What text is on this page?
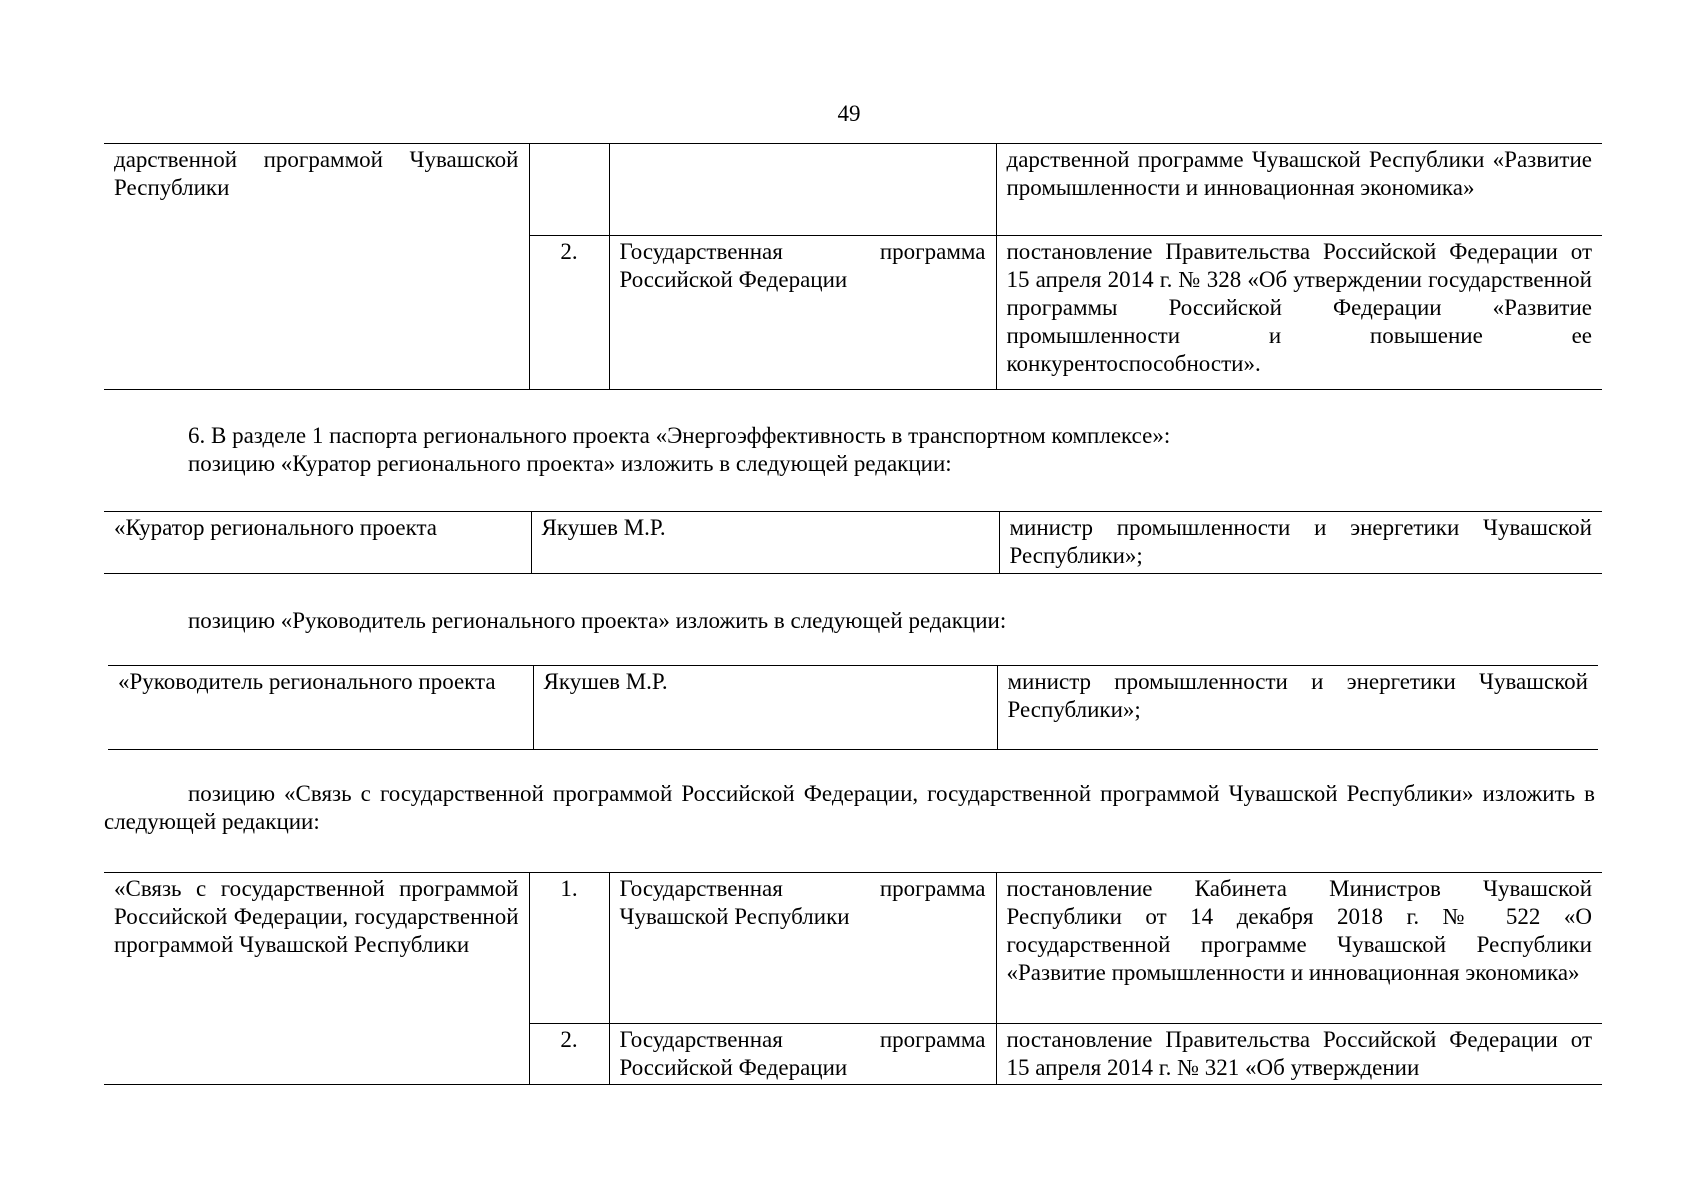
49
дарственной программой Чувашской Республики			дарственной программе Чувашской Республики «Развитие промышленности и инновационная экономика»
	2.	Государственная программа Российской Федерации	постановление Правительства Российской Федерации от 15 апреля 2014 г. № 328 «Об утверждении государственной программы Российской Федерации «Развитие промышленности и повышение ее конкурентоспособности».
6. В разделе 1 паспорта регионального проекта «Энергоэффективность в транспортном комплексе»:
позицию «Куратор регионального проекта» изложить в следующей редакции:
«Куратор регионального проекта	Якушев М.Р.	министр промышленности и энергетики Чувашской Республики»;
позицию «Руководитель регионального проекта» изложить в следующей редакции:
«Руководитель регионального проекта	Якушев М.Р.	министр промышленности и энергетики Чувашской Республики»;
позицию «Связь с государственной программой Российской Федерации, государственной программой Чувашской Республики» изложить в следующей редакции:
«Связь с государственной программой Российской Федерации, государственной программой Чувашской Республики	1.	Государственная программа Чувашской Республики	постановление Кабинета Министров Чувашской Республики от 14 декабря 2018 г. № 522 «О государственной программе Чувашской Республики «Развитие промышленности и инновационная экономика»
	2.	Государственная программа Российской Федерации	постановление Правительства Российской Федерации от 15 апреля 2014 г. № 321 «Об утверждении
